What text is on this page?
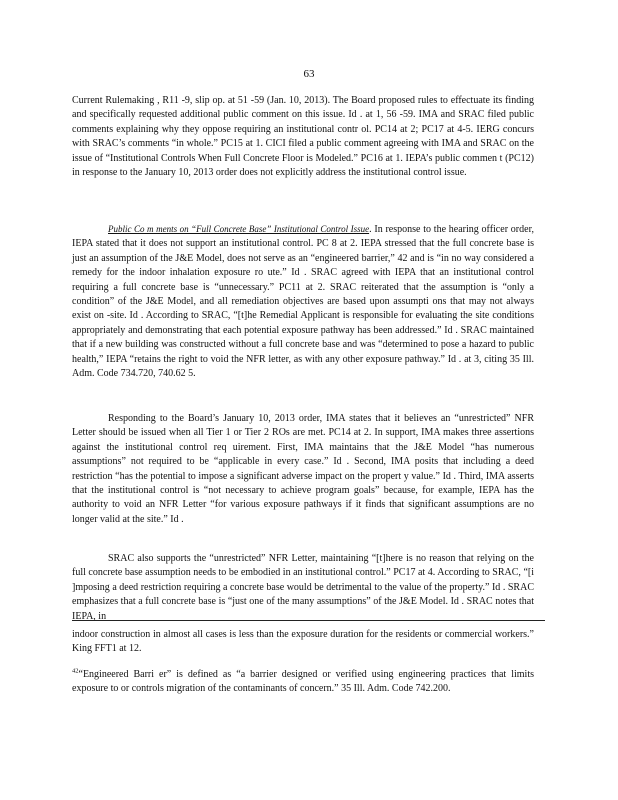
63

Current Rulemaking , R11 -9, slip op. at 51 -59 (Jan. 10, 2013). The Board proposed rules to effectuate its finding and specifically requested additional public comment on this issue. Id . at 1, 56 -59. IMA and SRAC filed public comments explaining why they oppose requiring an institutional contr ol. PC14 at 2; PC17 at 4-5. IERG concurs with SRAC’s comments “in whole.” PC15 at 1. CICI filed a public comment agreeing with IMA and SRAC on the issue of “Institutional Controls When Full Concrete Floor is Modeled.” PC16 at 1. IEPA’s public commen t (PC12) in response to the January 10, 2013 order does not explicitly address the institutional control issue.

Public Co m ments on “Full Concrete Base” Institutional Control Issue. In response to the hearing officer order, IEPA stated that it does not support an institutional control. PC 8 at 2. IEPA stressed that the full concrete base is just an assumption of the J&E Model, does not serve as an “engineered barrier,” 42 and is “in no way considered a remedy for the indoor inhalation exposure ro ute.” Id . SRAC agreed with IEPA that an institutional control requiring a full concrete base is “unnecessary.” PC11 at 2. SRAC reiterated that the assumption is “only a condition” of the J&E Model, and all remediation objectives are based upon assumpti ons that may not always exist on -site. Id . According to SRAC, “[t]he Remedial Applicant is responsible for evaluating the site conditions appropriately and demonstrating that each potential exposure pathway has been addressed.” Id . SRAC maintained that if a new building was constructed without a full concrete base and was “determined to pose a hazard to public health,” IEPA “retains the right to void the NFR letter, as with any other exposure pathway.” Id . at 3, citing 35 Ill. Adm. Code 734.720, 740.62 5.

Responding to the Board’s January 10, 2013 order, IMA states that it believes an “unrestricted” NFR Letter should be issued when all Tier 1 or Tier 2 ROs are met. PC14 at 2. In support, IMA makes three assertions against the institutional control req uirement. First, IMA maintains that the J&E Model “has numerous assumptions” not required to be “applicable in every case.” Id . Second, IMA posits that including a deed restriction “has the potential to impose a significant adverse impact on the propert y value.” Id . Third, IMA asserts that the institutional control is “not necessary to achieve program goals” because, for example, IEPA has the authority to void an NFR Letter “for various exposure pathways if it finds that significant assumptions are no longer valid at the site.” Id .

SRAC also supports the “unrestricted” NFR Letter, maintaining “[t]here is no reason that relying on the full concrete base assumption needs to be embodied in an institutional control.” PC17 at 4. According to SRAC, “[i ]mposing a deed restriction requiring a concrete base would be detrimental to the value of the property.” Id . SRAC emphasizes that a full concrete base is “just one of the many assumptions” of the J&E Model. Id . SRAC notes that IEPA, in

indoor construction in almost all cases is less than the exposure duration for the residents or commercial workers.” King FFT1 at 12.

$^{42}$“Engineered Barri er” is defined as “a barrier designed or verified using engineering practices that limits exposure to or controls migration of the contaminants of concern.” 35 Ill. Adm. Code 742.200.
